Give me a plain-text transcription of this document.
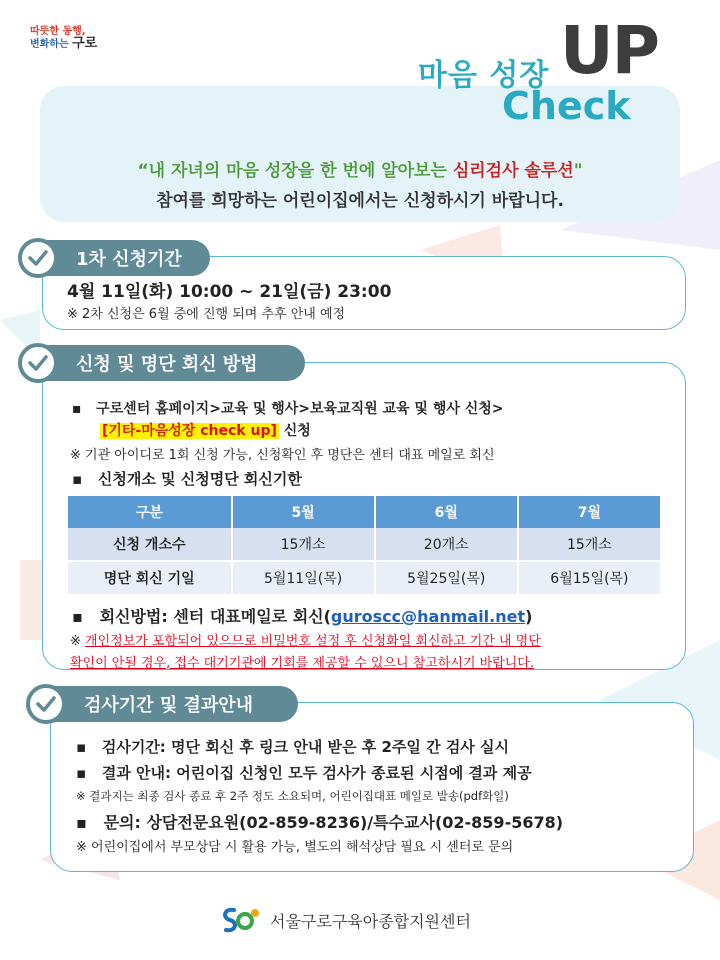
따뜻한 동행,
변화하는 구로
“내 자녀의 마음 성장을 한 번에 알아보는 심리검사 솔루션"
참여를 희망하는 어린이집에서는 신청하시기 바랍니다.
마음 성장 UP
Check
4월 11일(화) 10:00 ~ 21일(금) 23:00
※ 2차 신청은 6월 중에 진행 되며 추후 안내 예정
1차 신청기간
신청 및 명단 회신 방법
▪   구로센터 홈페이지>교육 및 행사>보육교직원 교육 및 행사 신청>
[기타-마음성장 check up] 신청
※ 기관 아이디로 1회 신청 가능, 신청확인 후 명단은 센터 대표 메일로 회신
▪   신청개소 및 신청명단 회신기한
구분	5월	6월	7월
신청 개소수	15개소	20개소	15개소
명단 회신 기일	5월11일(목)	5월25일(목)	6월15일(목)
▪   회신방법: 센터 대표메일로 회신(guroscc@hanmail.net)
※ 개인정보가 포함되어 있으므로 비밀번호 설정 후 신청화일 회신하고 기간 내 명단
확인이 안될 경우, 접수 대기기관에 기회를 제공할 수 있으니 참고하시기 바랍니다.
검사기간 및 결과안내
▪   검사기간: 명단 회신 후 링크 안내 받은 후 2주일 간 검사 실시
▪   결과 안내: 어린이집 신청인 모두 검사가 종료된 시점에 결과 제공
※ 결과지는 최종 검사 종료 후 2주 정도 소요되며, 어린이집대표 메일로 발송(pdf화일)
▪   문의: 상담전문요원(02-859-8236)/특수교사(02-859-5678)
※ 어린이집에서 부모상담 시 활용 가능, 별도의 해석상담 필요 시 센터로 문의
서울구로구육아종합지원센터
